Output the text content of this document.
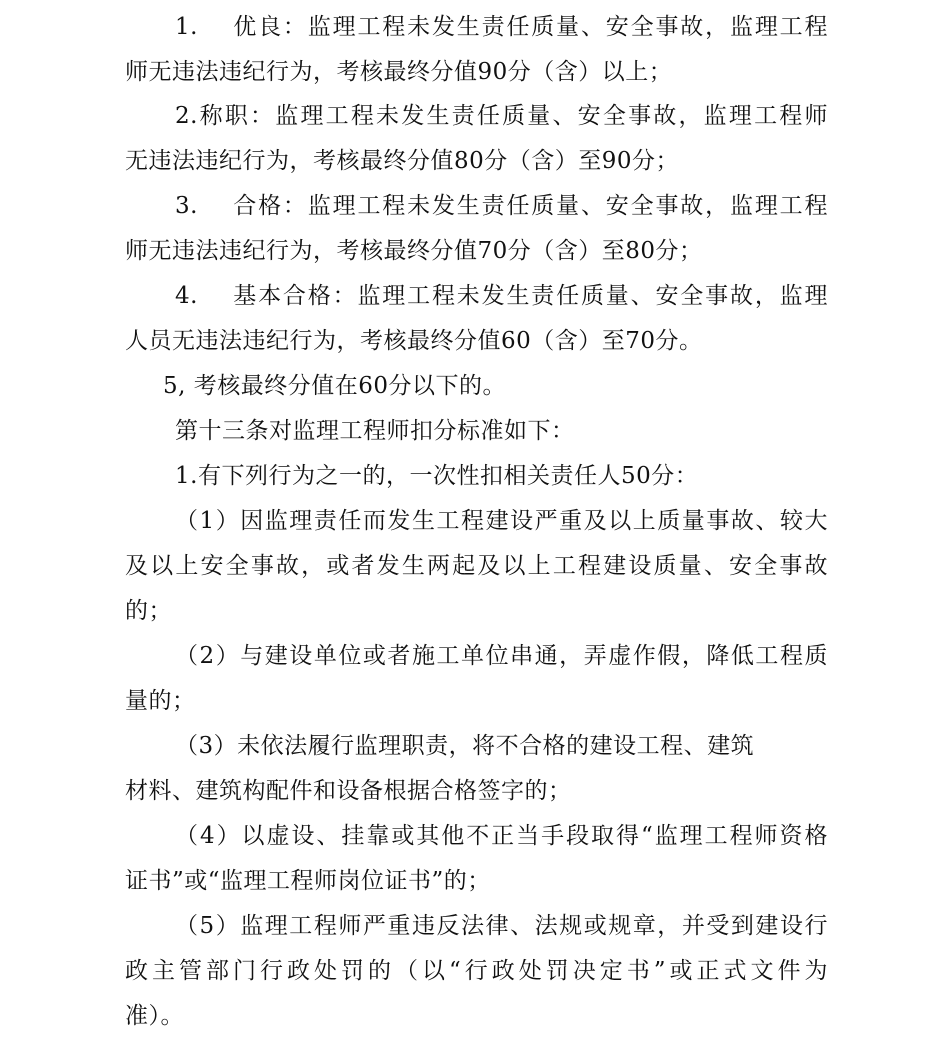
1.　 优良：监理工程未发生责任质量、安全事故，监理工程
师无违法违纪行为，考核最终分值90分（含）以上；
2.称职：监理工程未发生责任质量、安全事故，监理工程师
无违法违纪行为，考核最终分值80分（含）至90分；
3.　 合格：监理工程未发生责任质量、安全事故，监理工程
师无违法违纪行为，考核最终分值70分（含）至80分；
4.　 基本合格：监理工程未发生责任质量、安全事故，监理
人员无违法违纪行为，考核最终分值60（含）至70分。
5, 考核最终分值在60分以下的。
第十三条对监理工程师扣分标准如下：
1.有下列行为之一的，一次性扣相关责任人50分：
（1）因监理责任而发生工程建设严重及以上质量事故、较大
及以上安全事故，或者发生两起及以上工程建设质量、安全事故
的；
（2）与建设单位或者施工单位串通，弄虚作假，降低工程质
量的；
（3）未依法履行监理职责，将不合格的建设工程、建筑
材料、建筑构配件和设备根据合格签字的；
（4）以虚设、挂靠或其他不正当手段取得“监理工程师资格
证书”或“监理工程师岗位证书”的；
（5）监理工程师严重违反法律、法规或规章，并受到建设行
政主管部门行政处罚的（以“行政处罚决定书”或正式文件为
准）。
